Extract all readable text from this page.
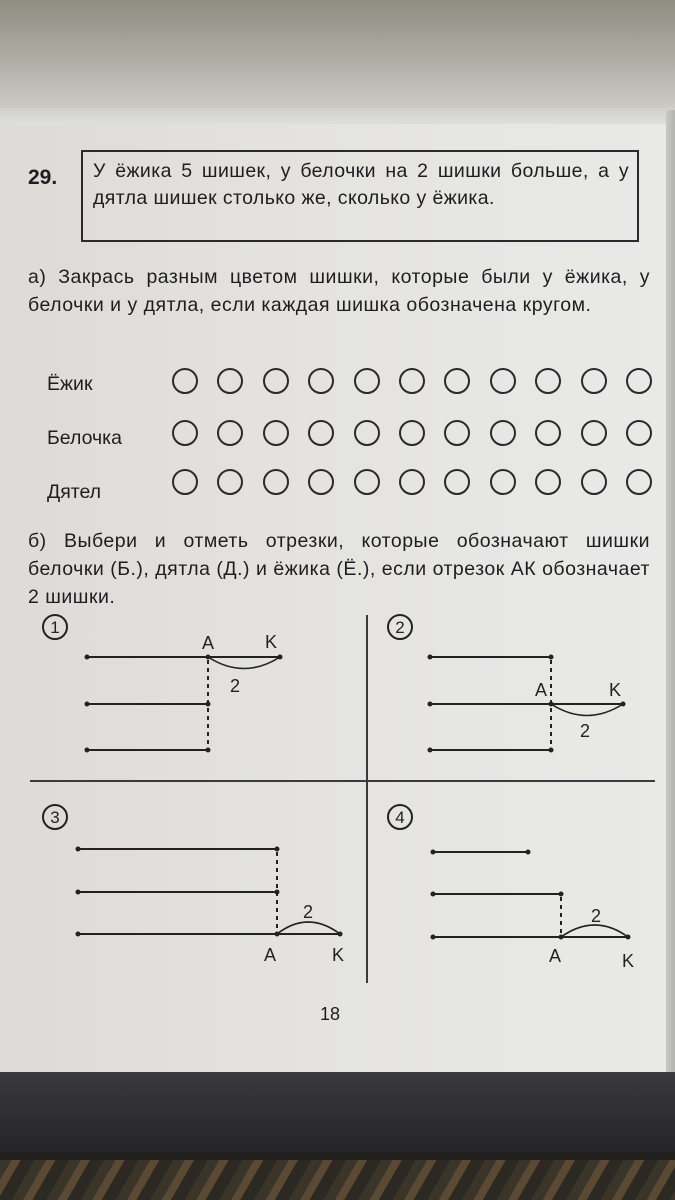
29.	У ёжика 5 шишек, у белочки на 2 шишки больше, а у дятла шишек столько же, сколько у ёжика.
а) Закрась разным цветом шишки, которые были у ёжика, у белочки и у дятла, если каждая шишка обозначена кругом.
Ёжик
Белочка
Дятел
б) Выбери и отметь отрезки, которые обозначают шишки белочки (Б.), дятла (Д.) и ёжика (Ё.), если отрезок АК обозначает 2 шишки.
1
A	K
2
2
A	K
2
3
2
A	K
4
2
A	K
18
